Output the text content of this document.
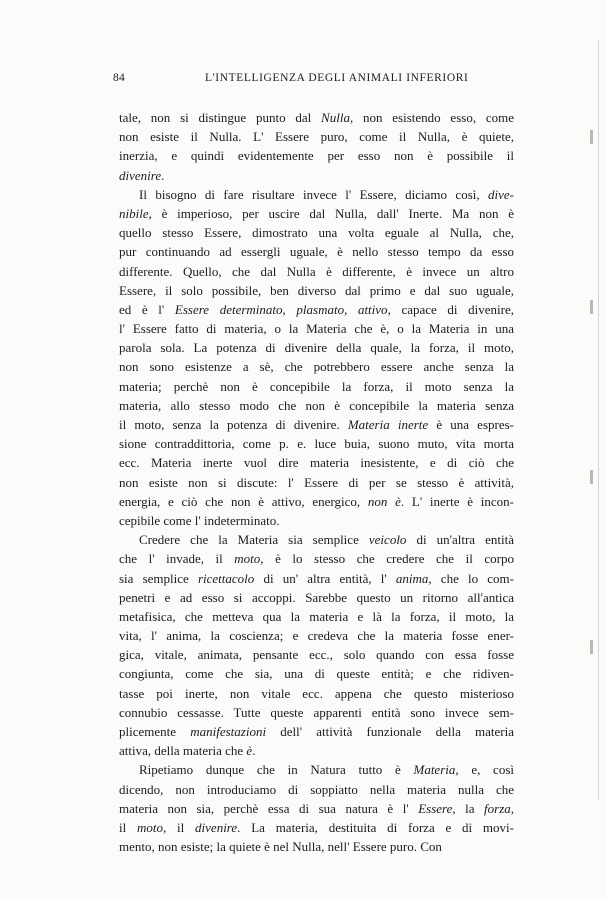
84	L'INTELLIGENZA DEGLI ANIMALI INFERIORI
tale, non si distingue punto dal Nulla, non esistendo esso, come
non esiste il Nulla. L' Essere puro, come il Nulla, è quiete,
inerzia, e quindi evidentemente per esso non è possibile il
divenire.
Il bisogno di fare risultare invece l' Essere, diciamo così, dive-
nibile, è imperioso, per uscire dal Nulla, dall' Inerte. Ma non è
quello stesso Essere, dimostrato una volta eguale al Nulla, che,
pur continuando ad essergli uguale, è nello stesso tempo da esso
differente. Quello, che dal Nulla è differente, è invece un altro
Essere, il solo possibile, ben diverso dal primo e dal suo uguale,
ed è l' Essere determinato, plasmato, attivo, capace di divenire,
l' Essere fatto di materia, o la Materia che è, o la Materia in una
parola sola. La potenza di divenire della quale, la forza, il moto,
non sono esistenze a sè, che potrebbero essere anche senza la
materia; perchè non è concepibile la forza, il moto senza la
materia, allo stesso modo che non è concepibile la materia senza
il moto, senza la potenza di divenire. Materia inerte è una espres-
sione contraddittoria, come p. e. luce buia, suono muto, vita morta
ecc. Materia inerte vuol dire materia inesistente, e di ciò che
non esiste non si discute: l' Essere di per se stesso è attività,
energia, e ciò che non è attivo, energico, non è. L' inerte è incon-
cepibile come l' indeterminato.
Credere che la Materia sia semplice veicolo di un'altra entità
che l' invade, il moto, è lo stesso che credere che il corpo
sia semplice ricettacolo di un' altra entità, l' anima, che lo com-
penetri e ad esso si accoppi. Sarebbe questo un ritorno all'antica
metafisica, che metteva qua la materia e là la forza, il moto, la
vita, l' anima, la coscienza; e credeva che la materia fosse ener-
gica, vitale, animata, pensante ecc., solo quando con essa fosse
congiunta, come che sia, una di queste entità; e che ridiven-
tasse poi inerte, non vitale ecc. appena che questo misterioso
connubio cessasse. Tutte queste apparenti entità sono invece sem-
plicemente manifestazioni dell' attività funzionale della materia
attiva, della materia che è.
Ripetiamo dunque che in Natura tutto è Materia, e, così
dicendo, non introduciamo di soppiatto nella materia nulla che
materia non sia, perchè essa di sua natura è l' Essere, la forza,
il moto, il divenire. La materia, destituita di forza e di movi-
mento, non esiste; la quiete è nel Nulla, nell' Essere puro. Con
